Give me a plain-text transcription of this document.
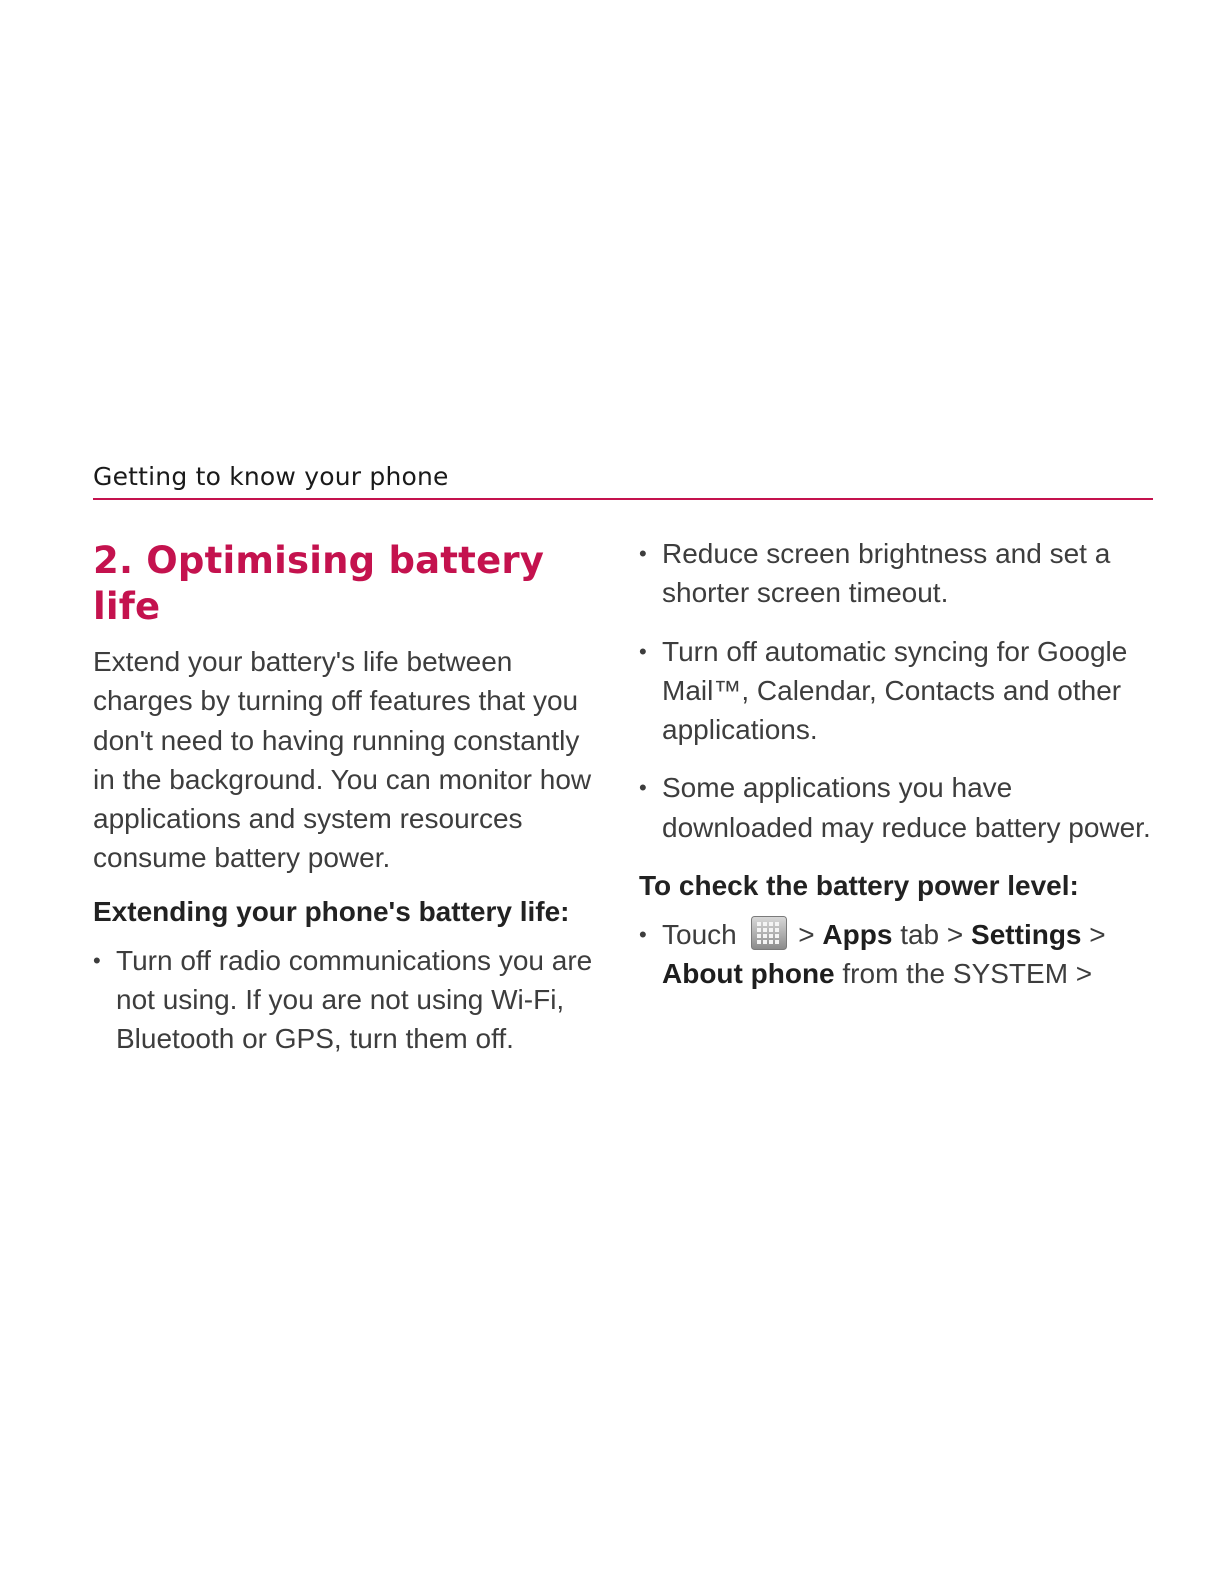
Getting to know your phone
2. Optimising battery life

Extend your battery's life between charges by turning off features that you don't need to having running constantly in the background. You can monitor how applications and system resources consume battery power.

Extending your phone's battery life:
• Turn off radio communications you are not using. If you are not using Wi-Fi, Bluetooth or GPS, turn them off.
• Reduce screen brightness and set a shorter screen timeout.
• Turn off automatic syncing for Google Mail™, Calendar, Contacts and other applications.
• Some applications you have downloaded may reduce battery power.
To check the battery power level:
• Touch > Apps tab > Settings > About phone from the SYSTEM >
